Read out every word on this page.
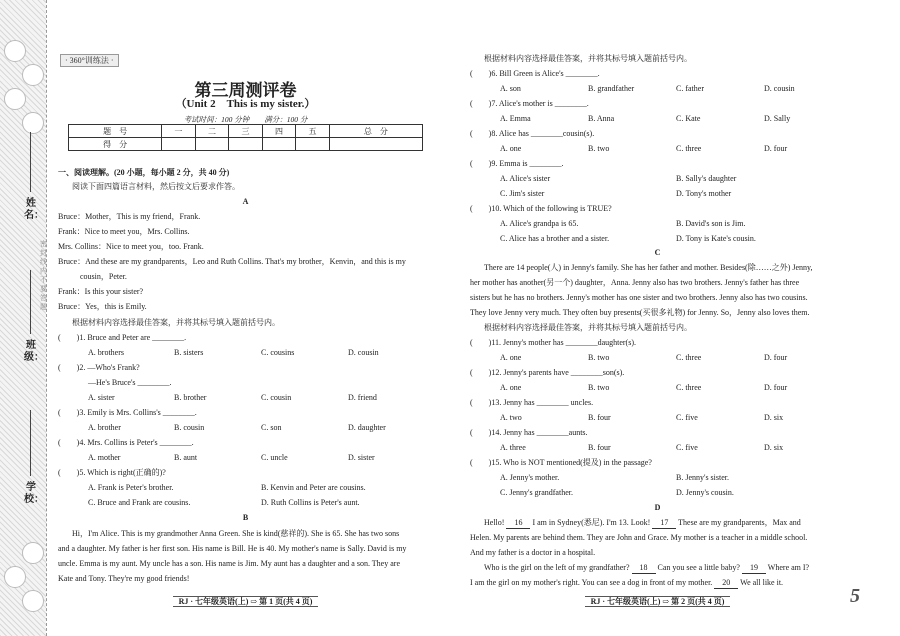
密封线内不要答题
姓名：
班级：
学校：
· 360°训练法 ·
第三周测评卷
（Unit 2　This is my sister.）
考试时间：100 分钟　　满分：100 分
题　号	一	二	三	四	五	总　分
得　分						
一、阅读理解。(20 小题，每小题 2 分，共 40 分)
阅读下面四篇语言材料，然后按文后要求作答。
A
Bruce：Mother，This is my friend，Frank.
Frank：Nice to meet you，Mrs. Collins.
Mrs. Collins：Nice to meet you，too. Frank.
Bruce：And these are my grandparents，Leo and Ruth Collins. That's my brother，Kenvin，and this is my
cousin，Peter.
Frank：Is this your sister?
Bruce：Yes，this is Emily.
根据材料内容选择最佳答案，并将其标号填入题前括号内。
(　　)1. Bruce and Peter are ________.
A. brothers	B. sisters	C. cousins	D. cousin
(　　)2. —Who's Frank?
—He's Bruce's ________.
A. sister	B. brother	C. cousin	D. friend
(　　)3. Emily is Mrs. Collins's ________.
A. brother	B. cousin	C. son	D. daughter
(　　)4. Mrs. Collins is Peter's ________.
A. mother	B. aunt	C. uncle	D. sister
(　　)5. Which is right(正确的)?
A. Frank is Peter's brother.	B. Kenvin and Peter are cousins.
C. Bruce and Frank are cousins.	D. Ruth Collins is Peter's aunt.
B
Hi，I'm Alice. This is my grandmother Anna Green. She is kind(慈祥的). She is 65. She has two sons
and a daughter. My father is her first son. His name is Bill. He is 40. My mother's name is Sally. David is my
uncle. Emma is my aunt. My uncle has a son. His name is Jim. My aunt has a daughter and a son. They are
Kate and Tony. They're my good friends!
RJ · 七年级英语(上) ⇨ 第 1 页(共 4 页)
根据材料内容选择最佳答案，并将其标号填入题前括号内。
(　　)6. Bill Green is Alice's ________.
A. son	B. grandfather	C. father	D. cousin
(　　)7. Alice's mother is ________.
A. Emma	B. Anna	C. Kate	D. Sally
(　　)8. Alice has ________cousin(s).
A. one	B. two	C. three	D. four
(　　)9. Emma is ________.
A. Alice's sister	B. Sally's daughter
C. Jim's sister	D. Tony's mother
(　　)10. Which of the following is TRUE?
A. Alice's grandpa is 65.	B. David's son is Jim.
C. Alice has a brother and a sister.	D. Tony is Kate's cousin.
C
There are 14 people(人) in Jenny's family. She has her father and mother. Besides(除……之外) Jenny,
her mother has another(另一个) daughter，Anna. Jenny also has two brothers. Jenny's father has three
sisters but he has no brothers. Jenny's mother has one sister and two brothers. Jenny also has two cousins.
They love Jenny very much. They often buy presents(买很多礼物) for Jenny. So，Jenny also loves them.
根据材料内容选择最佳答案，并将其标号填入题前括号内。
(　　)11. Jenny's mother has ________daughter(s).
A. one	B. two	C. three	D. four
(　　)12. Jenny's parents have ________son(s).
A. one	B. two	C. three	D. four
(　　)13. Jenny has ________ uncles.
A. two	B. four	C. five	D. six
(　　)14. Jenny has ________aunts.
A. three	B. four	C. five	D. six
(　　)15. Who is NOT mentioned(提及) in the passage?
A. Jenny's mother.	B. Jenny's sister.
C. Jenny's grandfather.	D. Jenny's cousin.
D
Hello! 16 I am in Sydney(悉尼). I'm 13. Look! 17 These are my grandparents，Max and
Helen. My parents are behind them. They are John and Grace. My mother is a teacher in a middle school.
And my father is a doctor in a hospital.
Who is the girl on the left of my grandfather? 18 Can you see a little baby? 19 Where am I?
I am the girl on my mother's right. You can see a dog in front of my mother. 20 We all like it.
RJ · 七年级英语(上) ⇨ 第 2 页(共 4 页)	5
